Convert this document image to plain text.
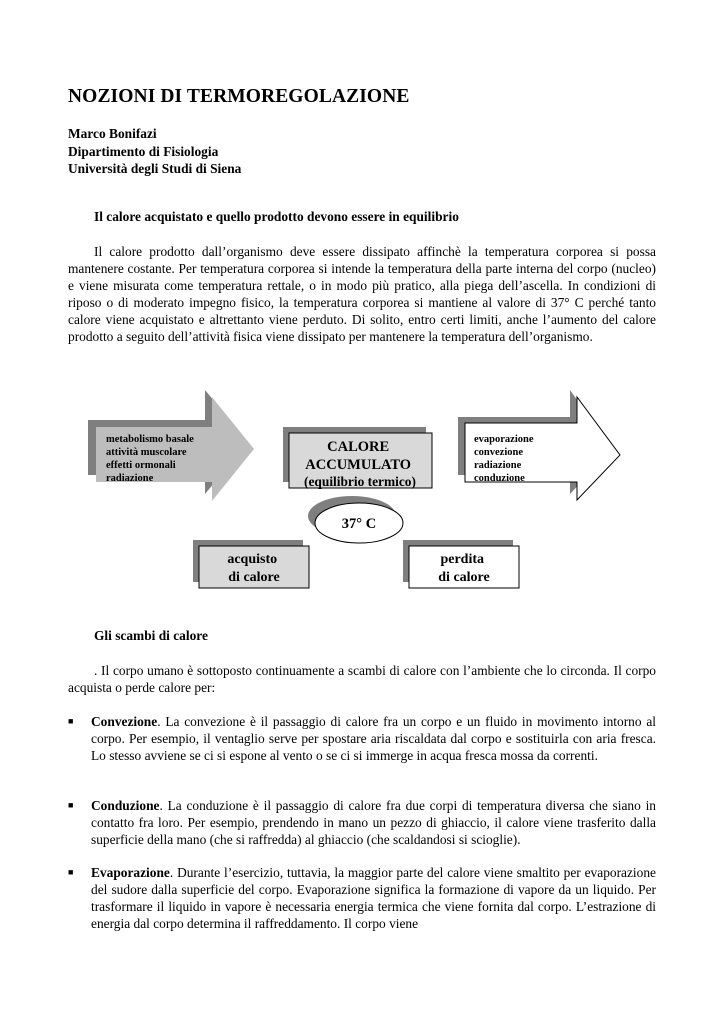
NOZIONI DI TERMOREGOLAZIONE
Marco Bonifazi
Dipartimento di Fisiologia
Università degli Studi di Siena
Il calore acquistato e quello prodotto devono essere in equilibrio

Il calore prodotto dall’organismo deve essere dissipato affinchè la temperatura corporea si possa mantenere costante. Per temperatura corporea si intende la temperatura della parte interna del corpo (nucleo) e viene misurata come temperatura rettale, o in modo più pratico, alla piega dell’ascella. In condizioni di riposo o di moderato impegno fisico, la temperatura corporea si mantiene al valore di 37° C perché tanto calore viene acquistato e altrettanto viene perduto. Di solito, entro certi limiti, anche l’aumento del calore prodotto a seguito dell’attività fisica viene dissipato per mantenere la temperatura dell’organismo.

metabolismo basale attività muscolare effetti ormonali radiazione
CALORE ACCUMULATO (equilibrio termico)
evaporazione convezione radiazione conduzione
37° C
acquisto di calore
perdita di calore
Gli scambi di calore

. Il corpo umano è sottoposto continuamente a scambi di calore con l’ambiente che lo circonda. Il corpo acquista o perde calore per:

■ Convezione. La convezione è il passaggio di calore fra un corpo e un fluido in movimento intorno al corpo. Per esempio, il ventaglio serve per spostare aria riscaldata dal corpo e sostituirla con aria fresca. Lo stesso avviene se ci si espone al vento o se ci si immerge in acqua fresca mossa da correnti.
■ Conduzione. La conduzione è il passaggio di calore fra due corpi di temperatura diversa che siano in contatto fra loro. Per esempio, prendendo in mano un pezzo di ghiaccio, il calore viene trasferito dalla superficie della mano (che si raffredda) al ghiaccio (che scaldandosi si scioglie).
■ Evaporazione. Durante l’esercizio, tuttavia, la maggior parte del calore viene smaltito per evaporazione del sudore dalla superficie del corpo. Evaporazione significa la formazione di vapore da un liquido. Per trasformare il liquido in vapore è necessaria energia termica che viene fornita dal corpo. L’estrazione di energia dal corpo determina il raffreddamento. Il corpo viene
